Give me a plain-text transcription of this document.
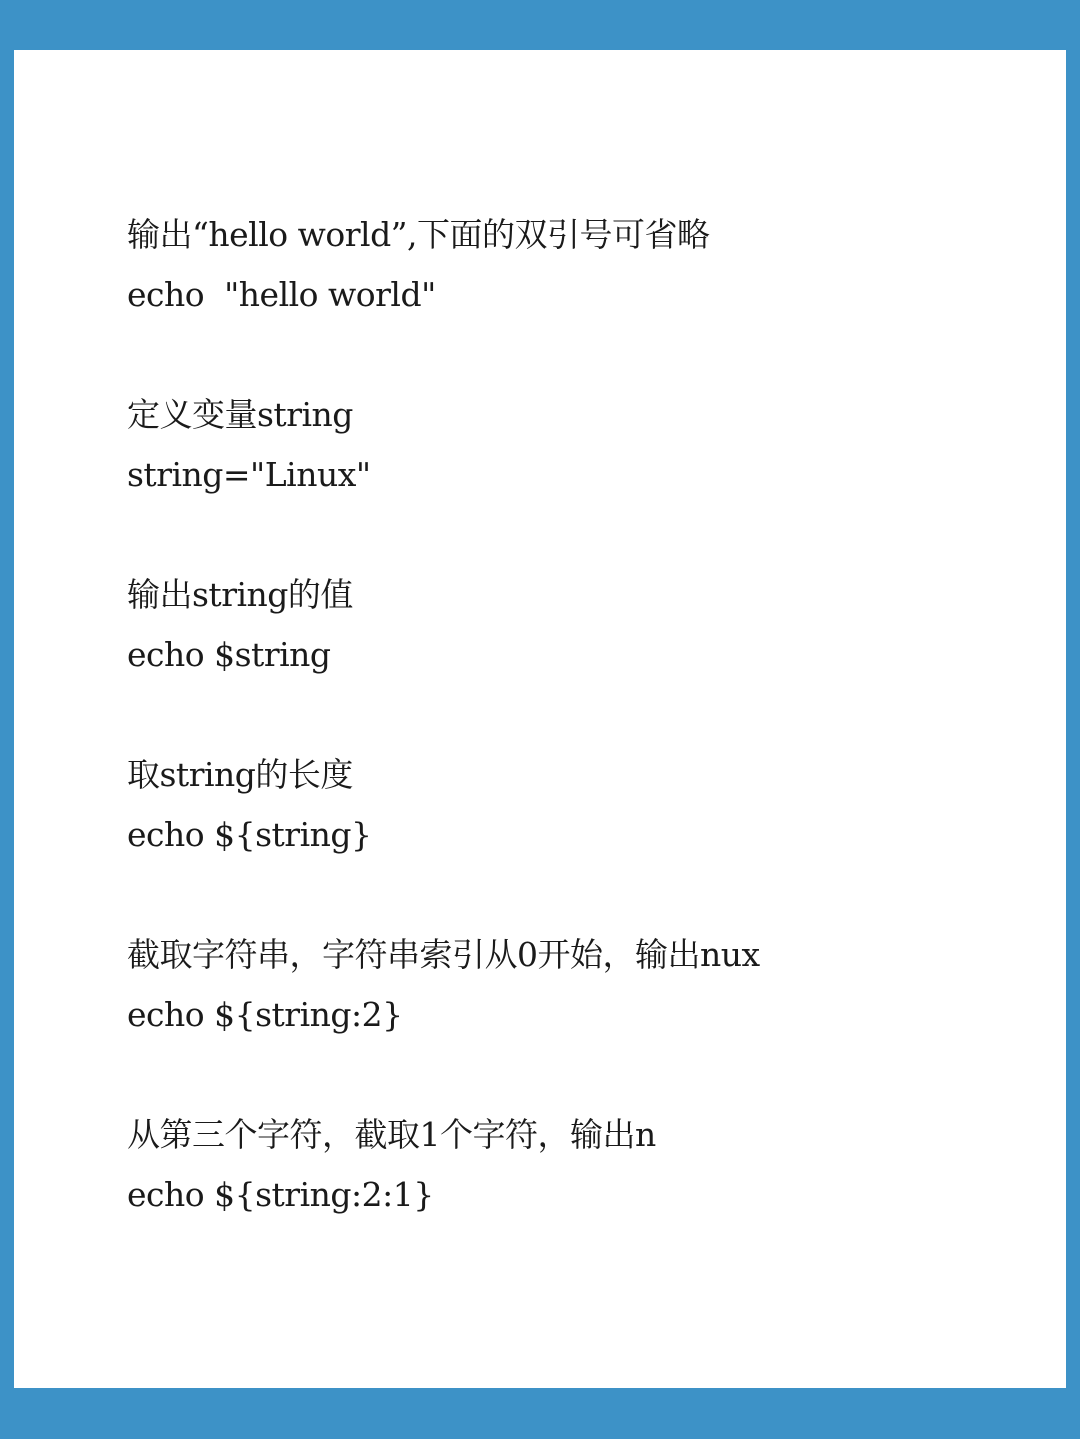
输出“hello world”,下面的双引号可省略
echo  "hello world"
定义变量string
string="Linux"
输出string的值
echo $string
取string的长度
echo ${string}
截取字符串，字符串索引从0开始，输出nux
echo ${string:2}
从第三个字符，截取1个字符，输出n
echo ${string:2:1}
